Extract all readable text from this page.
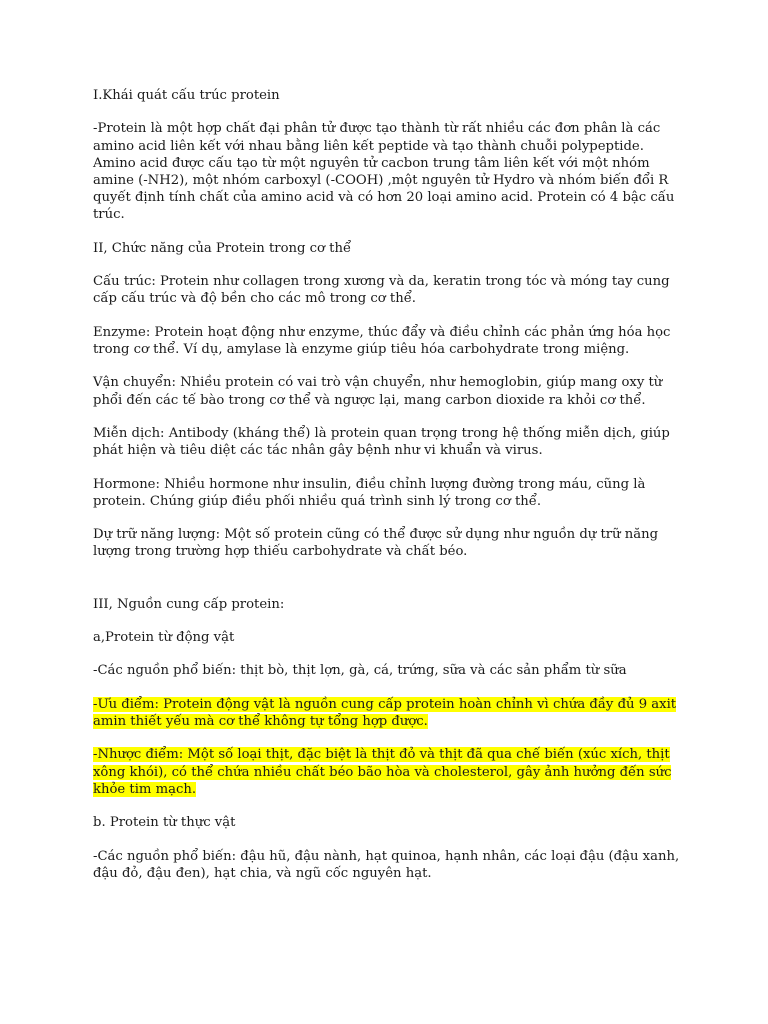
I.Khái quát cấu trúc protein

-Protein là một hợp chất đại phân tử được tạo thành từ rất nhiều các đơn phân là các amino acid liên kết với nhau bằng liên kết peptide và tạo thành chuỗi polypeptide. Amino acid được cấu tạo từ một nguyên tử cacbon trung tâm liên kết với một nhóm amine (-NH2), một nhóm carboxyl (-COOH) ,một nguyên tử Hydro và nhóm biến đổi R quyết định tính chất của amino acid và có hơn 20 loại amino acid. Protein có 4 bậc cấu trúc.

II, Chức năng của Protein trong cơ thể

Cấu trúc: Protein như collagen trong xương và da, keratin trong tóc và móng tay cung cấp cấu trúc và độ bền cho các mô trong cơ thể.

Enzyme: Protein hoạt động như enzyme, thúc đẩy và điều chỉnh các phản ứng hóa học trong cơ thể. Ví dụ, amylase là enzyme giúp tiêu hóa carbohydrate trong miệng.

Vận chuyển: Nhiều protein có vai trò vận chuyển, như hemoglobin, giúp mang oxy từ phổi đến các tế bào trong cơ thể và ngược lại, mang carbon dioxide ra khỏi cơ thể.

Miễn dịch: Antibody (kháng thể) là protein quan trọng trong hệ thống miễn dịch, giúp phát hiện và tiêu diệt các tác nhân gây bệnh như vi khuẩn và virus.

Hormone: Nhiều hormone như insulin, điều chỉnh lượng đường trong máu, cũng là protein. Chúng giúp điều phối nhiều quá trình sinh lý trong cơ thể.

Dự trữ năng lượng: Một số protein cũng có thể được sử dụng như nguồn dự trữ năng lượng trong trường hợp thiếu carbohydrate và chất béo.

III, Nguồn cung cấp protein:

a,Protein từ động vật

-Các nguồn phổ biến: thịt bò, thịt lợn, gà, cá, trứng, sữa và các sản phẩm từ sữa

-Ưu điểm: Protein động vật là nguồn cung cấp protein hoàn chỉnh vì chứa đầy đủ 9 axit amin thiết yếu mà cơ thể không tự tổng hợp được.

-Nhược điểm: Một số loại thịt, đặc biệt là thịt đỏ và thịt đã qua chế biến (xúc xích, thịt xông khói), có thể chứa nhiều chất béo bão hòa và cholesterol, gây ảnh hưởng đến sức khỏe tim mạch.

b. Protein từ thực vật

-Các nguồn phổ biến: đậu hũ, đậu nành, hạt quinoa, hạnh nhân, các loại đậu (đậu xanh, đậu đỏ, đậu đen), hạt chia, và ngũ cốc nguyên hạt.
